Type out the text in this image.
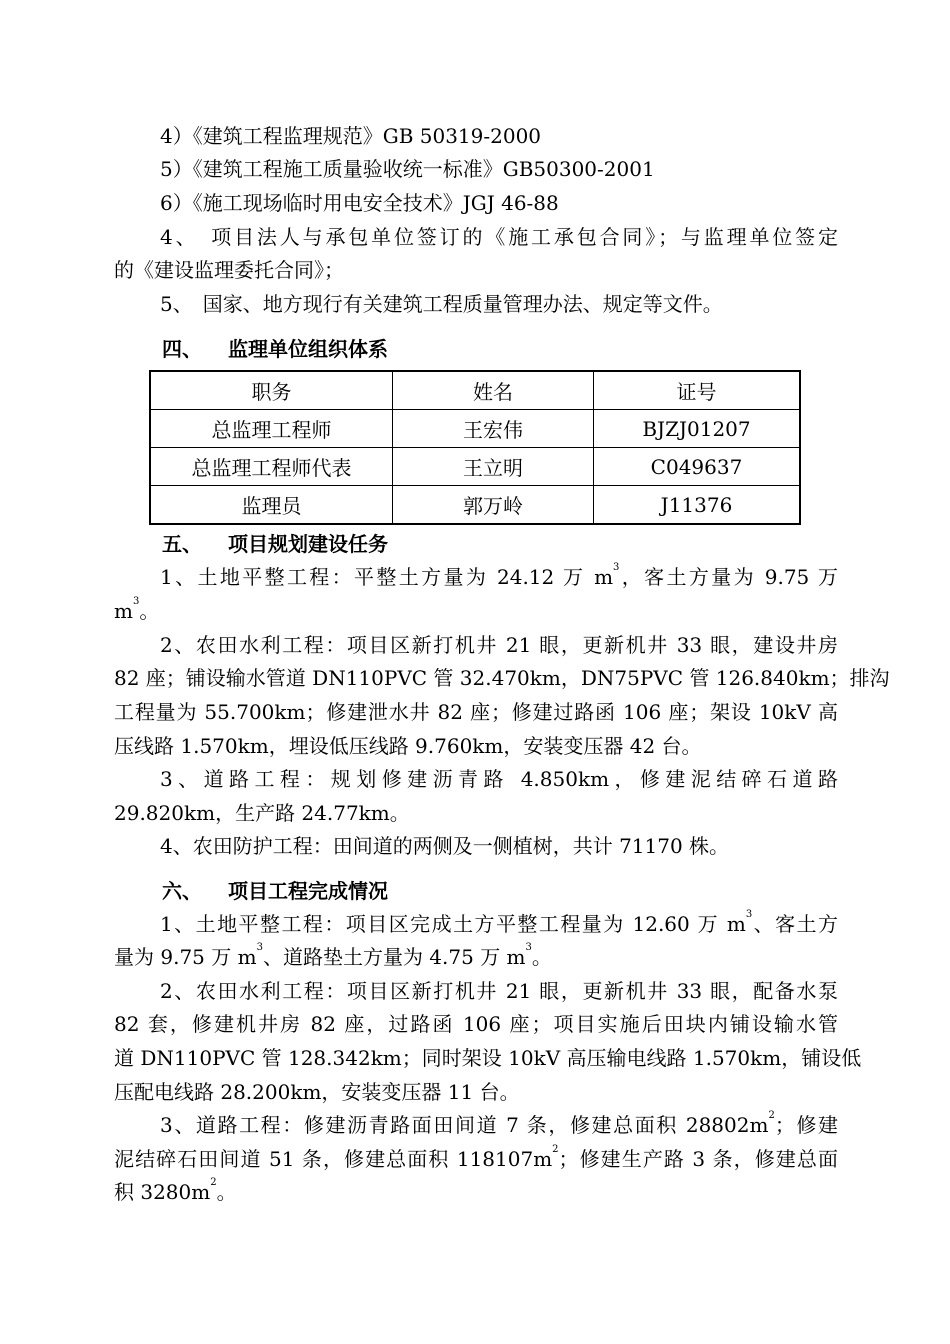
4）《建筑工程监理规范》GB 50319-2000
5）《建筑工程施工质量验收统一标准》GB50300-2001
6）《施工现场临时用电安全技术》JGJ 46-88
4、　项目法人与承包单位签订的《施工承包合同》；与监理单位签定
的《建设监理委托合同》；
5、　国家、地方现行有关建筑工程质量管理办法、规定等文件。
四、 监理单位组织体系
职务	姓名	证号
总监理工程师	王宏伟	BJZJ01207
总监理工程师代表	王立明	C049637
监理员	郭万岭	J11376
五、 项目规划建设任务
1、土地平整工程：平整土方量为 24.12 万 $m^3$，客土方量为 9.75 万
$m^3$。
2、农田水利工程：项目区新打机井 21 眼，更新机井 33 眼，建设井房
82 座；铺设输水管道 DN110PVC 管 32.470km，DN75PVC 管 126.840km；排沟
工程量为 55.700km；修建泄水井 82 座；修建过路函 106 座；架设 10kV 高
压线路 1.570km，埋设低压线路 9.760km，安装变压器 42 台。
3、道路工程：规划修建沥青路 4.850km，修建泥结碎石道路
29.820km，生产路 24.77km。
4、农田防护工程：田间道的两侧及一侧植树，共计 71170 株。
六、 项目工程完成情况
1、土地平整工程：项目区完成土方平整工程量为 12.60 万 $m^3$、客土方
量为 9.75 万 $m^3$、道路垫土方量为 4.75 万 $m^3$。
2、农田水利工程：项目区新打机井 21 眼，更新机井 33 眼，配备水泵
82 套，修建机井房 82 座，过路函 106 座；项目实施后田块内铺设输水管
道 DN110PVC 管 128.342km；同时架设 10kV 高压输电线路 1.570km，铺设低
压配电线路 28.200km，安装变压器 11 台。
3、道路工程：修建沥青路面田间道 7 条，修建总面积 $28802m^2$；修建
泥结碎石田间道 51 条，修建总面积 $118107m^2$；修建生产路 3 条，修建总面
积 $3280m^2$。
